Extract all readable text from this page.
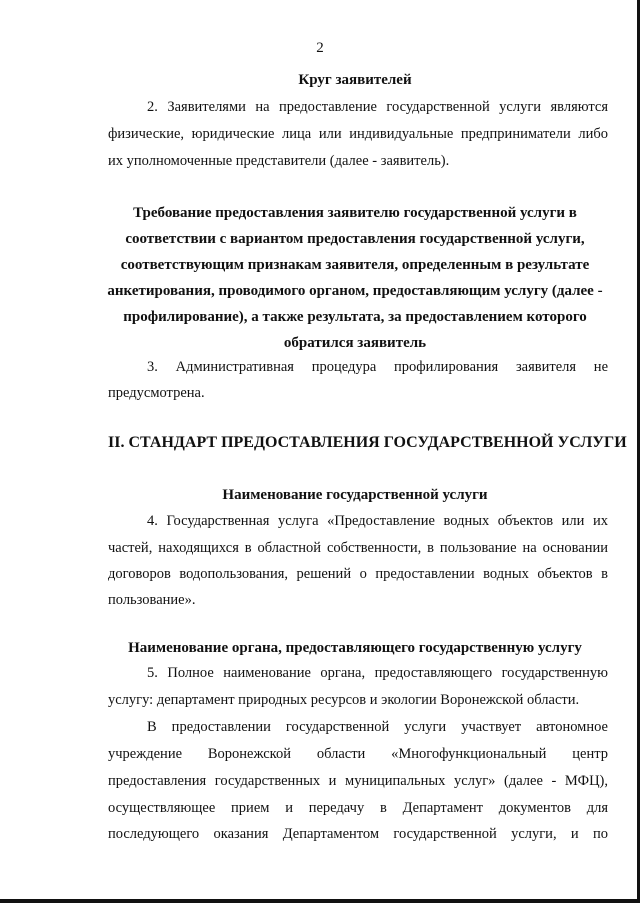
2
Круг заявителей
2. Заявителями на предоставление государственной услуги являются
физические, юридические лица или индивидуальные предприниматели либо
их уполномоченные представители (далее - заявитель).
Требование предоставления заявителю государственной услуги в
соответствии с вариантом предоставления государственной услуги,
соответствующим признакам заявителя, определенным в результате
анкетирования, проводимого органом, предоставляющим услугу (далее -
профилирование), а также результата, за предоставлением которого
обратился заявитель
3. Административная процедура профилирования заявителя не
предусмотрена.
II. СТАНДАРТ ПРЕДОСТАВЛЕНИЯ ГОСУДАРСТВЕННОЙ УСЛУГИ
Наименование государственной услуги
4. Государственная услуга «Предоставление водных объектов или их
частей, находящихся в областной собственности, в пользование на основании
договоров водопользования, решений о предоставлении водных объектов в
пользование».
Наименование органа, предоставляющего государственную услугу
5. Полное наименование органа, предоставляющего государственную
услугу: департамент природных ресурсов и экологии Воронежской области.
В предоставлении государственной услуги участвует автономное
учреждение Воронежской области «Многофункциональный центр
предоставления государственных и муниципальных услуг» (далее - МФЦ),
осуществляющее прием и передачу в Департамент документов для
последующего оказания Департаментом государственной услуги, и по
